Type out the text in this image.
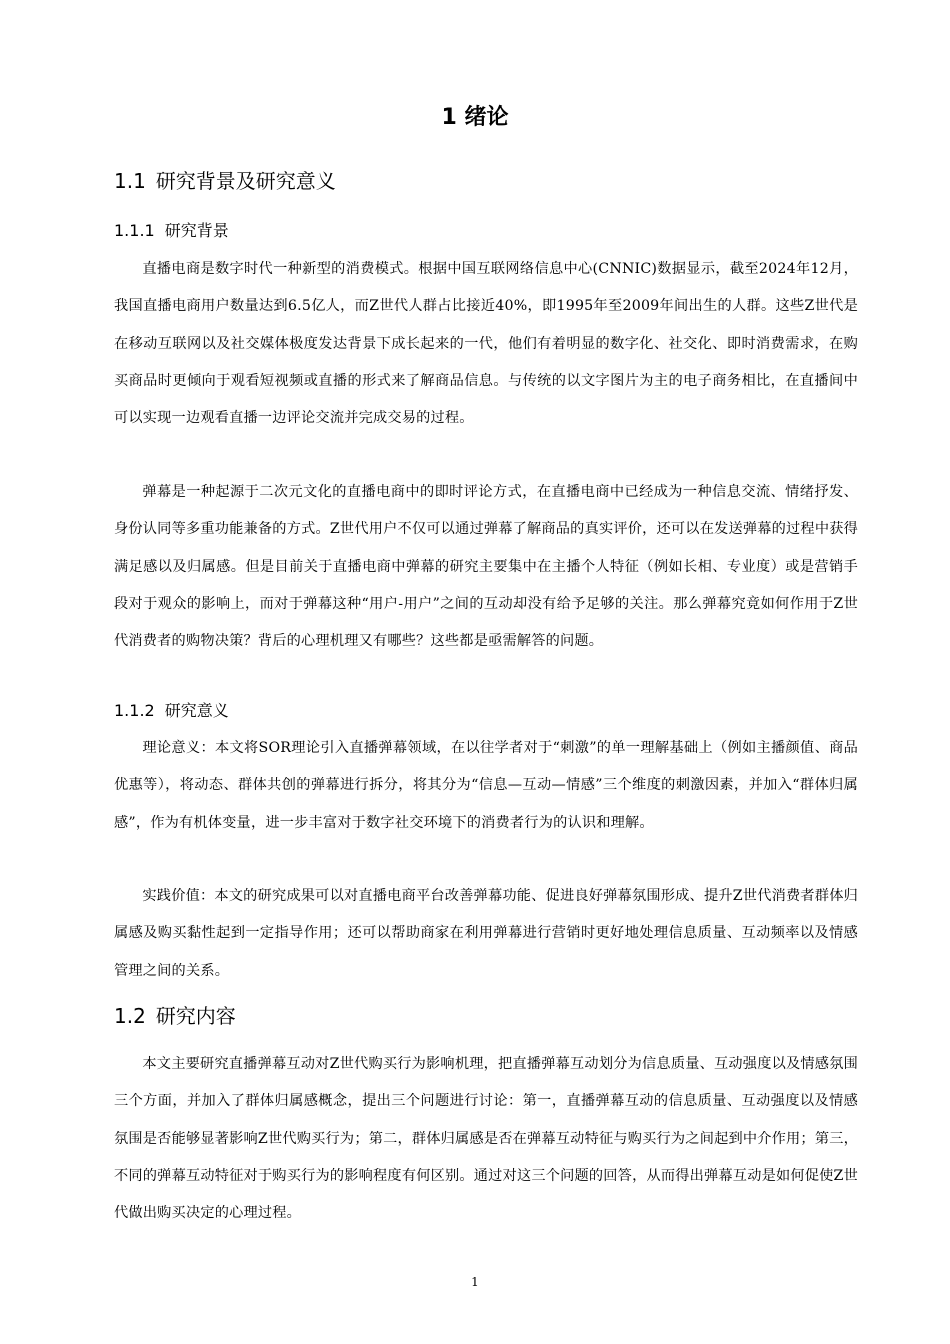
1 绪论
1.1 研究背景及研究意义
1.1.1 研究背景

直播电商是数字时代一种新型的消费模式。根据中国互联网络信息中心(CNNIC)数据显示，截至2024年12月，我国直播电商用户数量达到6.5亿人，而Z世代人群占比接近40%，即1995年至2009年间出生的人群。这些Z世代是在移动互联网以及社交媒体极度发达背景下成长起来的一代，他们有着明显的数字化、社交化、即时消费需求，在购买商品时更倾向于观看短视频或直播的形式来了解商品信息。与传统的以文字图片为主的电子商务相比，在直播间中可以实现一边观看直播一边评论交流并完成交易的过程。

弹幕是一种起源于二次元文化的直播电商中的即时评论方式，在直播电商中已经成为一种信息交流、情绪抒发、身份认同等多重功能兼备的方式。Z世代用户不仅可以通过弹幕了解商品的真实评价，还可以在发送弹幕的过程中获得满足感以及归属感。但是目前关于直播电商中弹幕的研究主要集中在主播个人特征（例如长相、专业度）或是营销手段对于观众的影响上，而对于弹幕这种“用户-用户”之间的互动却没有给予足够的关注。那么弹幕究竟如何作用于Z世代消费者的购物决策？背后的心理机理又有哪些？这些都是亟需解答的问题。

1.1.2 研究意义

理论意义：本文将SOR理论引入直播弹幕领域，在以往学者对于“刺激”的单一理解基础上（例如主播颜值、商品优惠等），将动态、群体共创的弹幕进行拆分，将其分为“信息—互动—情感”三个维度的刺激因素，并加入“群体归属感”，作为有机体变量，进一步丰富对于数字社交环境下的消费者行为的认识和理解。

实践价值：本文的研究成果可以对直播电商平台改善弹幕功能、促进良好弹幕氛围形成、提升Z世代消费者群体归属感及购买黏性起到一定指导作用；还可以帮助商家在利用弹幕进行营销时更好地处理信息质量、互动频率以及情感管理之间的关系。

1.2 研究内容

本文主要研究直播弹幕互动对Z世代购买行为影响机理，把直播弹幕互动划分为信息质量、互动强度以及情感氛围三个方面，并加入了群体归属感概念，提出三个问题进行讨论：第一，直播弹幕互动的信息质量、互动强度以及情感氛围是否能够显著影响Z世代购买行为；第二，群体归属感是否在弹幕互动特征与购买行为之间起到中介作用；第三，不同的弹幕互动特征对于购买行为的影响程度有何区别。通过对这三个问题的回答，从而得出弹幕互动是如何促使Z世代做出购买决定的心理过程。

1
